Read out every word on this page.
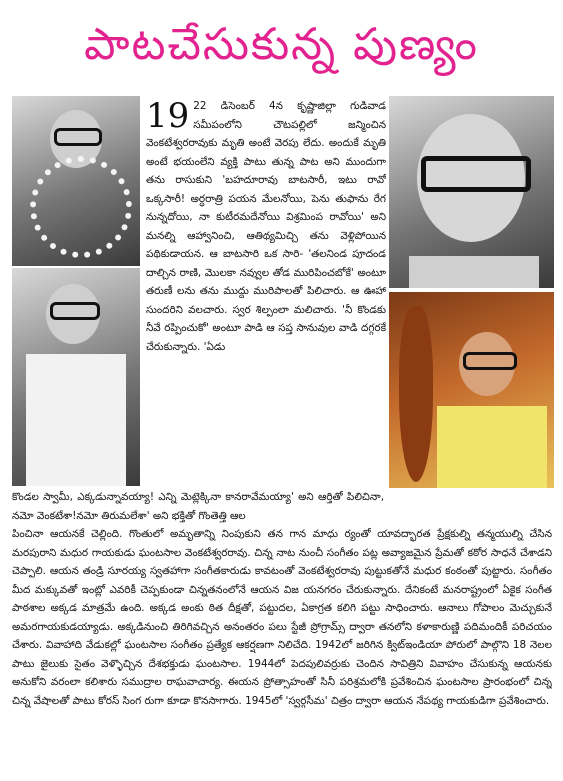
పాటచేసుకున్న పుణ్యం
19 22 డిసెంబర్ 4న కృష్ణాజిల్లా గుడివాడ సమీపంలోని చౌటపల్లిలో జన్మించిన వెంకటేశ్వరరావుకు మృతి అంటే వెరపు లేదు. అందుకే మృతి అంటే భయంలేని వ్యక్తి పాటు తున్న పాట అని ముందుగా తను రాసుకుని 'బహదూరావు బాటసారీ, ఇటు రావో ఒక్కసారీ! అర్ధరాత్రి పయన మేలనోయి, పెను తుఫాను రేగ నున్నదోయి, నా కుటీరమదేనోయి విశ్రమింప రావోయి' అని మనల్ని ఆహ్వానించి, ఆతిథ్యమిచ్చి తను వెళ్లిపోయిన పథికుడాయన. ఆ బాటసారి ఒక సారి- 'తలనిండ పూదండ దాల్చిన రాణి, మొలకా నవ్వుల తోడ మురిపించబోకే' అంటూ తరుణీ లను తను ముద్దు మురిపాలతో పిలిచారు. ఆ ఊహా సుందరిని వలచారు. స్వర శిల్పంలా మలిచారు. 'నీ కొండకు నీవే రప్పించుకో' అంటూ పాడి ఆ సప్త సానువుల వాడి దగ్గరకే చేరుకున్నారు. 'ఏడు
కొండల స్వామీ, ఎక్కడున్నావయ్యా! ఎన్ని మెట్లెక్కినా కానరావేమయ్యా' అని ఆర్తితో పిలిచినా, నమో వెంకటేశా!నమో తిరుమలేశా' అని భక్తితో గొంతెత్తి ఆల
పించినా ఆయనకే చెల్లింది. గొంతులో అమృతాన్ని నింపుకుని తన గాన మాధు ర్యంతో యావద్భారత ప్రేక్షకుల్ని తన్మయుల్ని చేసిన మరపురాని మధుర గాయకుడు ఘంటసాల వెంకటేశ్వరరావు. చిన్న నాట నుంచీ సంగీతం పట్ల అవ్యాజమైన ప్రేమతో కఠోర సాధనే చేశాడని చెప్పాలి. ఆయన తండ్రి సూరయ్య స్వతహాగా సంగీతకారుడు కావటంతో వెంకటేశ్వరరావు పుట్టుకతోనే మధుర కంఠంతో పుట్టారు. సంగీతం మీద మక్కువతో ఇంట్లో ఎవరికీ చెప్పకుండా చిన్నతనంలోనే ఆయన విజ యనగరం చేరుకున్నారు. దేనికంటే మనరాష్ట్రంలో ఏకైక సంగీత పాఠశాల అక్కడ మాత్రమే ఉంది. అక్కడ అంకు ఠిత దీక్షతో, పట్టుదల, ఏకాగ్రత కలిగి పట్టు సాధించారు. ఆనాలు గోపాలం మెచ్చుకునే అమరగాయకుడయ్యాడు. అక్కడినుంచి తిరిగివచ్చిన అనంతరం పలు స్టేజీ ప్రోగ్రామ్స్ ద్వారా తనలోని కళాకారుణ్ణి పదిమందికీ పరిచయం చేశారు. వివాహాది వేడుకల్లో ఘంటసాల సంగీతం ప్రత్యేక ఆకర్షణగా నిలిచేది. 1942లో జరిగిన క్విట్ఇండియా పోరులో పాల్గొని 18 నెలల పాటు జైలుకు సైతం వెళ్ళొచ్చిన దేశభక్తుడు ఘంటసాల. 1944లో పెదపులివర్రుకు చెందిన సావిత్రిని వివాహం చేసుకున్న ఆయనకు అనుకోని వరంలా కలిశారు సముద్రాల రాఘవాచార్య. ఈయన ప్రోత్సాహంతో సినీ పరిశ్రమలోకి ప్రవేశించిన ఘంటసాల ప్రారంభంలో చిన్న చిన్న వేషాలతో పాటు కోరస్ సింగ రుగా కూడా కొనసాగారు. 1945లో 'స్వర్గసీమ' చిత్రం ద్వారా ఆయన నేపథ్య గాయకుడిగా ప్రవేశించారు.
